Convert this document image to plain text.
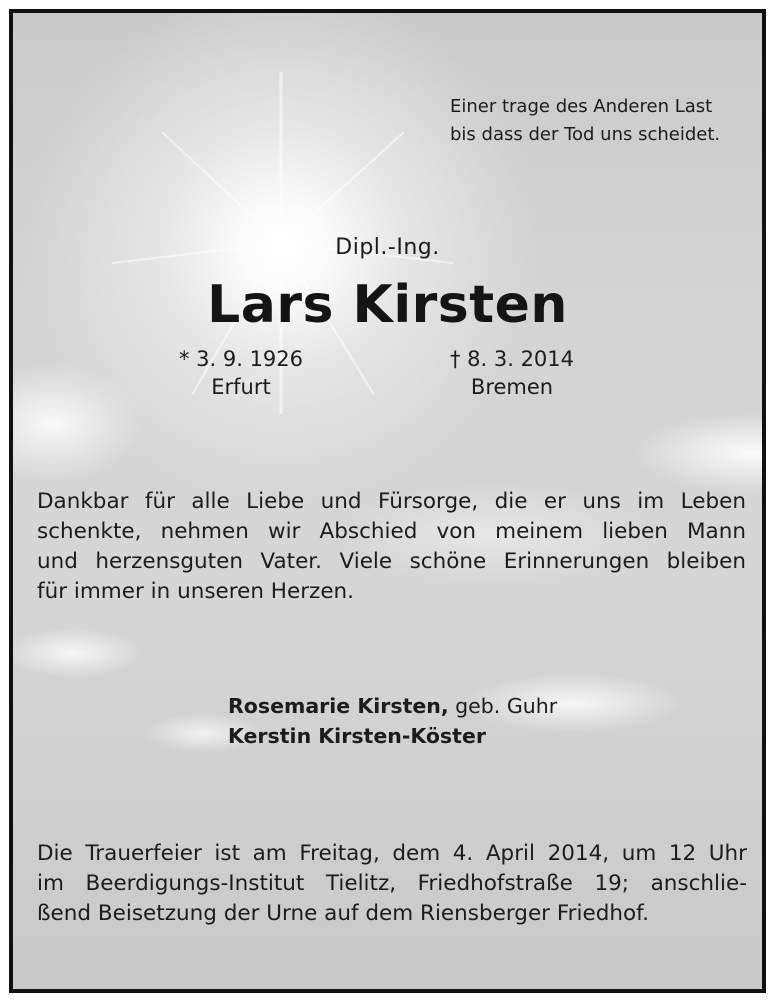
Einer trage des Anderen Last
bis dass der Tod uns scheidet.
Dipl.-Ing.
Lars Kirsten
* 3. 9. 1926
Erfurt
† 8. 3. 2014
Bremen
Dankbar für alle Liebe und Fürsorge, die er uns im Leben
schenkte, nehmen wir Abschied von meinem lieben Mann
und herzensguten Vater. Viele schöne Erinnerungen bleiben
für immer in unseren Herzen.
Rosemarie Kirsten, geb. Guhr
Kerstin Kirsten-Köster
Die Trauerfeier ist am Freitag, dem 4. April 2014, um 12 Uhr
im Beerdigungs-Institut Tielitz, Friedhofstraße 19; anschlie-
ßend Beisetzung der Urne auf dem Riensberger Friedhof.
